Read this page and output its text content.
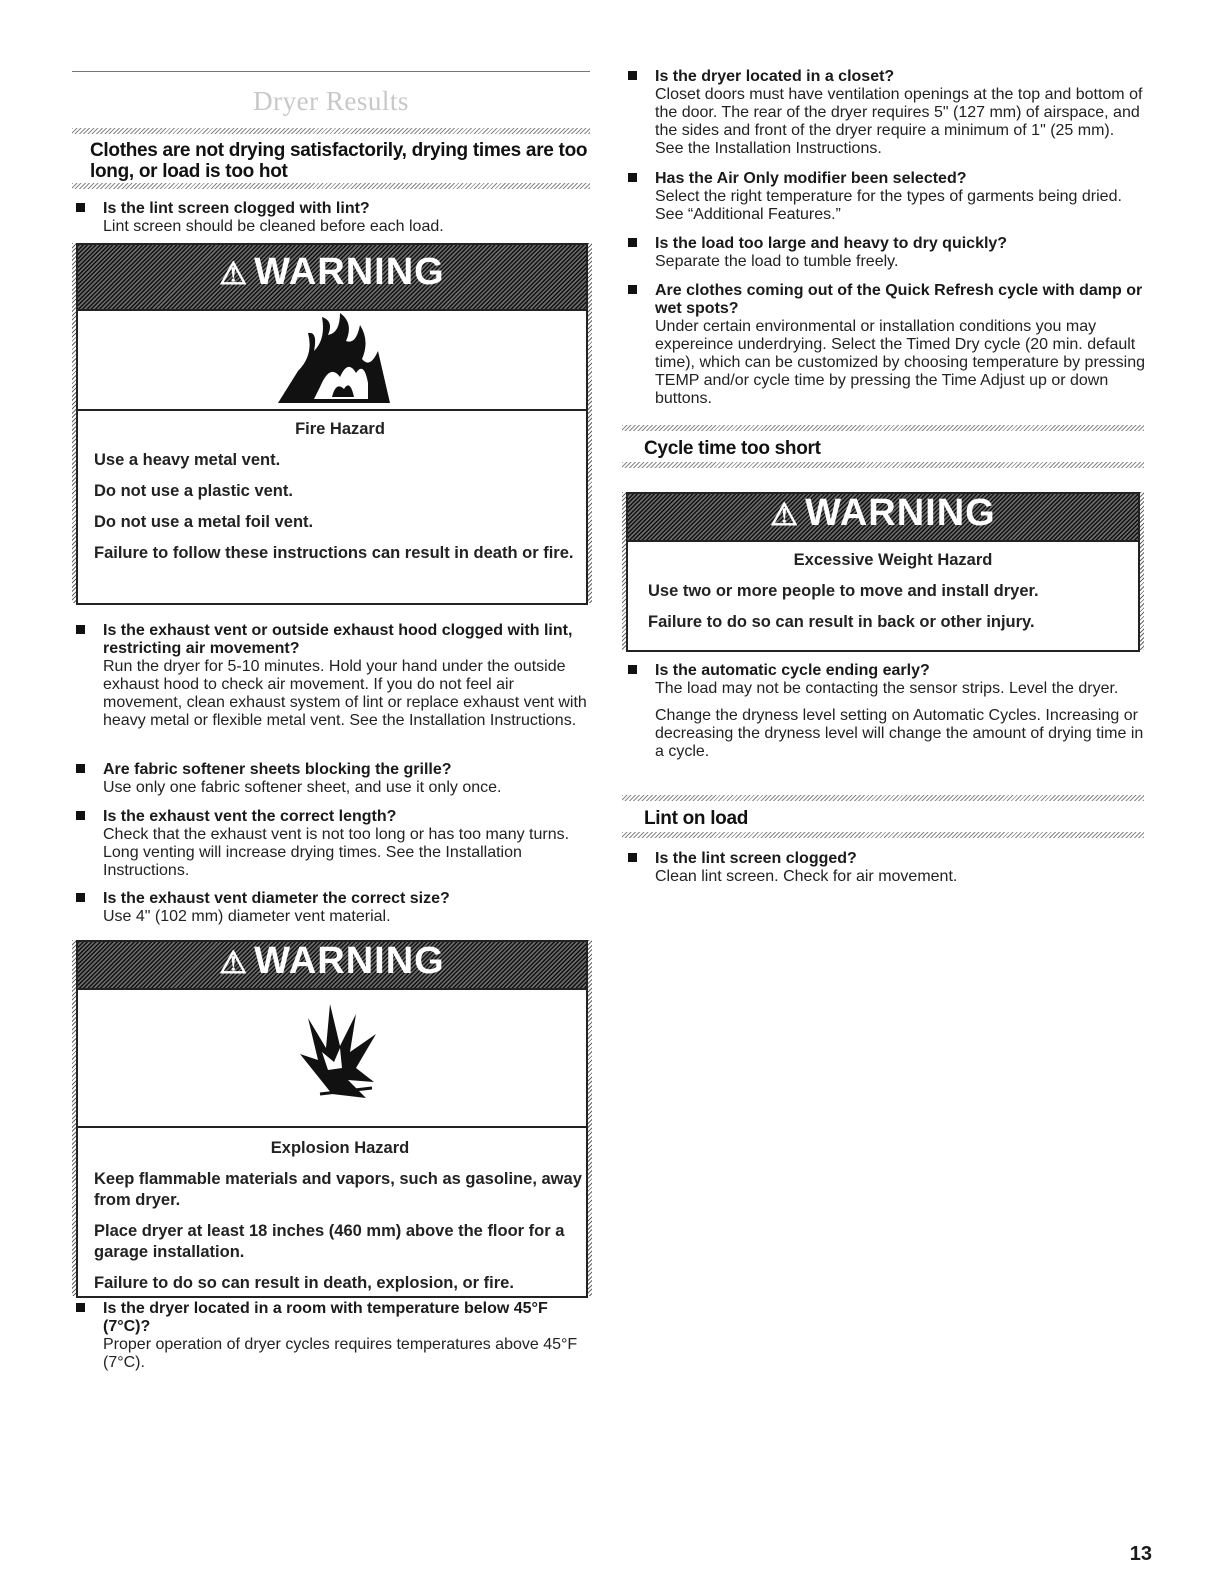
Dryer Results
Clothes are not drying satisfactorily, drying times are too long, or load is too hot
Is the lint screen clogged with lint?
Lint screen should be cleaned before each load.
⚠ WARNING
Fire Hazard

Use a heavy metal vent.

Do not use a plastic vent.

Do not use a metal foil vent.

Failure to follow these instructions can result in death or fire.

Is the exhaust vent or outside exhaust hood clogged with lint, restricting air movement?
Run the dryer for 5-10 minutes. Hold your hand under the outside exhaust hood to check air movement. If you do not feel air movement, clean exhaust system of lint or replace exhaust vent with heavy metal or flexible metal vent. See the Installation Instructions.
Are fabric softener sheets blocking the grille?
Use only one fabric softener sheet, and use it only once.
Is the exhaust vent the correct length?
Check that the exhaust vent is not too long or has too many turns. Long venting will increase drying times. See the Installation Instructions.
Is the exhaust vent diameter the correct size?
Use 4" (102 mm) diameter vent material.
⚠ WARNING
Explosion Hazard

Keep flammable materials and vapors, such as gasoline, away from dryer.

Place dryer at least 18 inches (460 mm) above the floor for a garage installation.

Failure to do so can result in death, explosion, or fire.

Is the dryer located in a room with temperature below 45°F (7°C)?
Proper operation of dryer cycles requires temperatures above 45°F (7°C).
Is the dryer located in a closet?
Closet doors must have ventilation openings at the top and bottom of the door. The rear of the dryer requires 5" (127 mm) of airspace, and the sides and front of the dryer require a minimum of 1" (25 mm). See the Installation Instructions.
Has the Air Only modifier been selected?
Select the right temperature for the types of garments being dried. See “Additional Features.”
Is the load too large and heavy to dry quickly?
Separate the load to tumble freely.
Are clothes coming out of the Quick Refresh cycle with damp or wet spots?
Under certain environmental or installation conditions you may expereince underdrying. Select the Timed Dry cycle (20 min. default time), which can be customized by choosing temperature by pressing TEMP and/or cycle time by pressing the Time Adjust up or down buttons.
Cycle time too short
⚠ WARNING
Excessive Weight Hazard

Use two or more people to move and install dryer.

Failure to do so can result in back or other injury.

Is the automatic cycle ending early?
The load may not be contacting the sensor strips. Level the dryer.
Change the dryness level setting on Automatic Cycles. Increasing or decreasing the dryness level will change the amount of drying time in a cycle.
Lint on load
Is the lint screen clogged?
Clean lint screen. Check for air movement.
13
